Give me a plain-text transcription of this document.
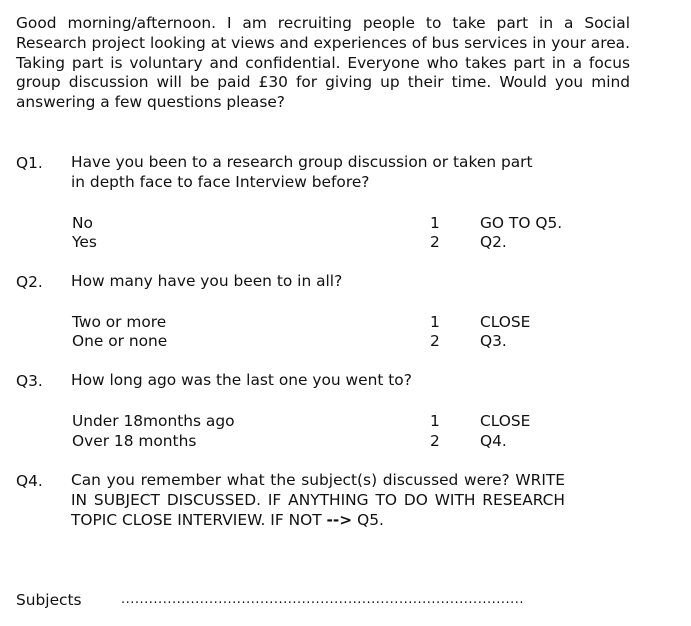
Good morning/afternoon. I am recruiting people to take part in a Social Research project looking at views and experiences of bus services in your area. Taking part is voluntary and confidential. Everyone who takes part in a focus group discussion will be paid £30 for giving up their time. Would you mind answering a few questions please?

Q1. Have you been to a research group discussion or taken part
in depth face to face Interview before?
No	1	GO TO Q5.
Yes	2	Q2.
Q2. How many have you been to in all?
Two or more	1	CLOSE
One or none	2	Q3.
Q3. How long ago was the last one you went to?
Under 18months ago	1	CLOSE
Over 18 months	2	Q4.
Q4. Can you remember what the subject(s) discussed were? WRITE IN SUBJECT DISCUSSED. IF ANYTHING TO DO WITH RESEARCH TOPIC CLOSE INTERVIEW. IF NOT --> Q5.
Subjects	.......................................................................................
